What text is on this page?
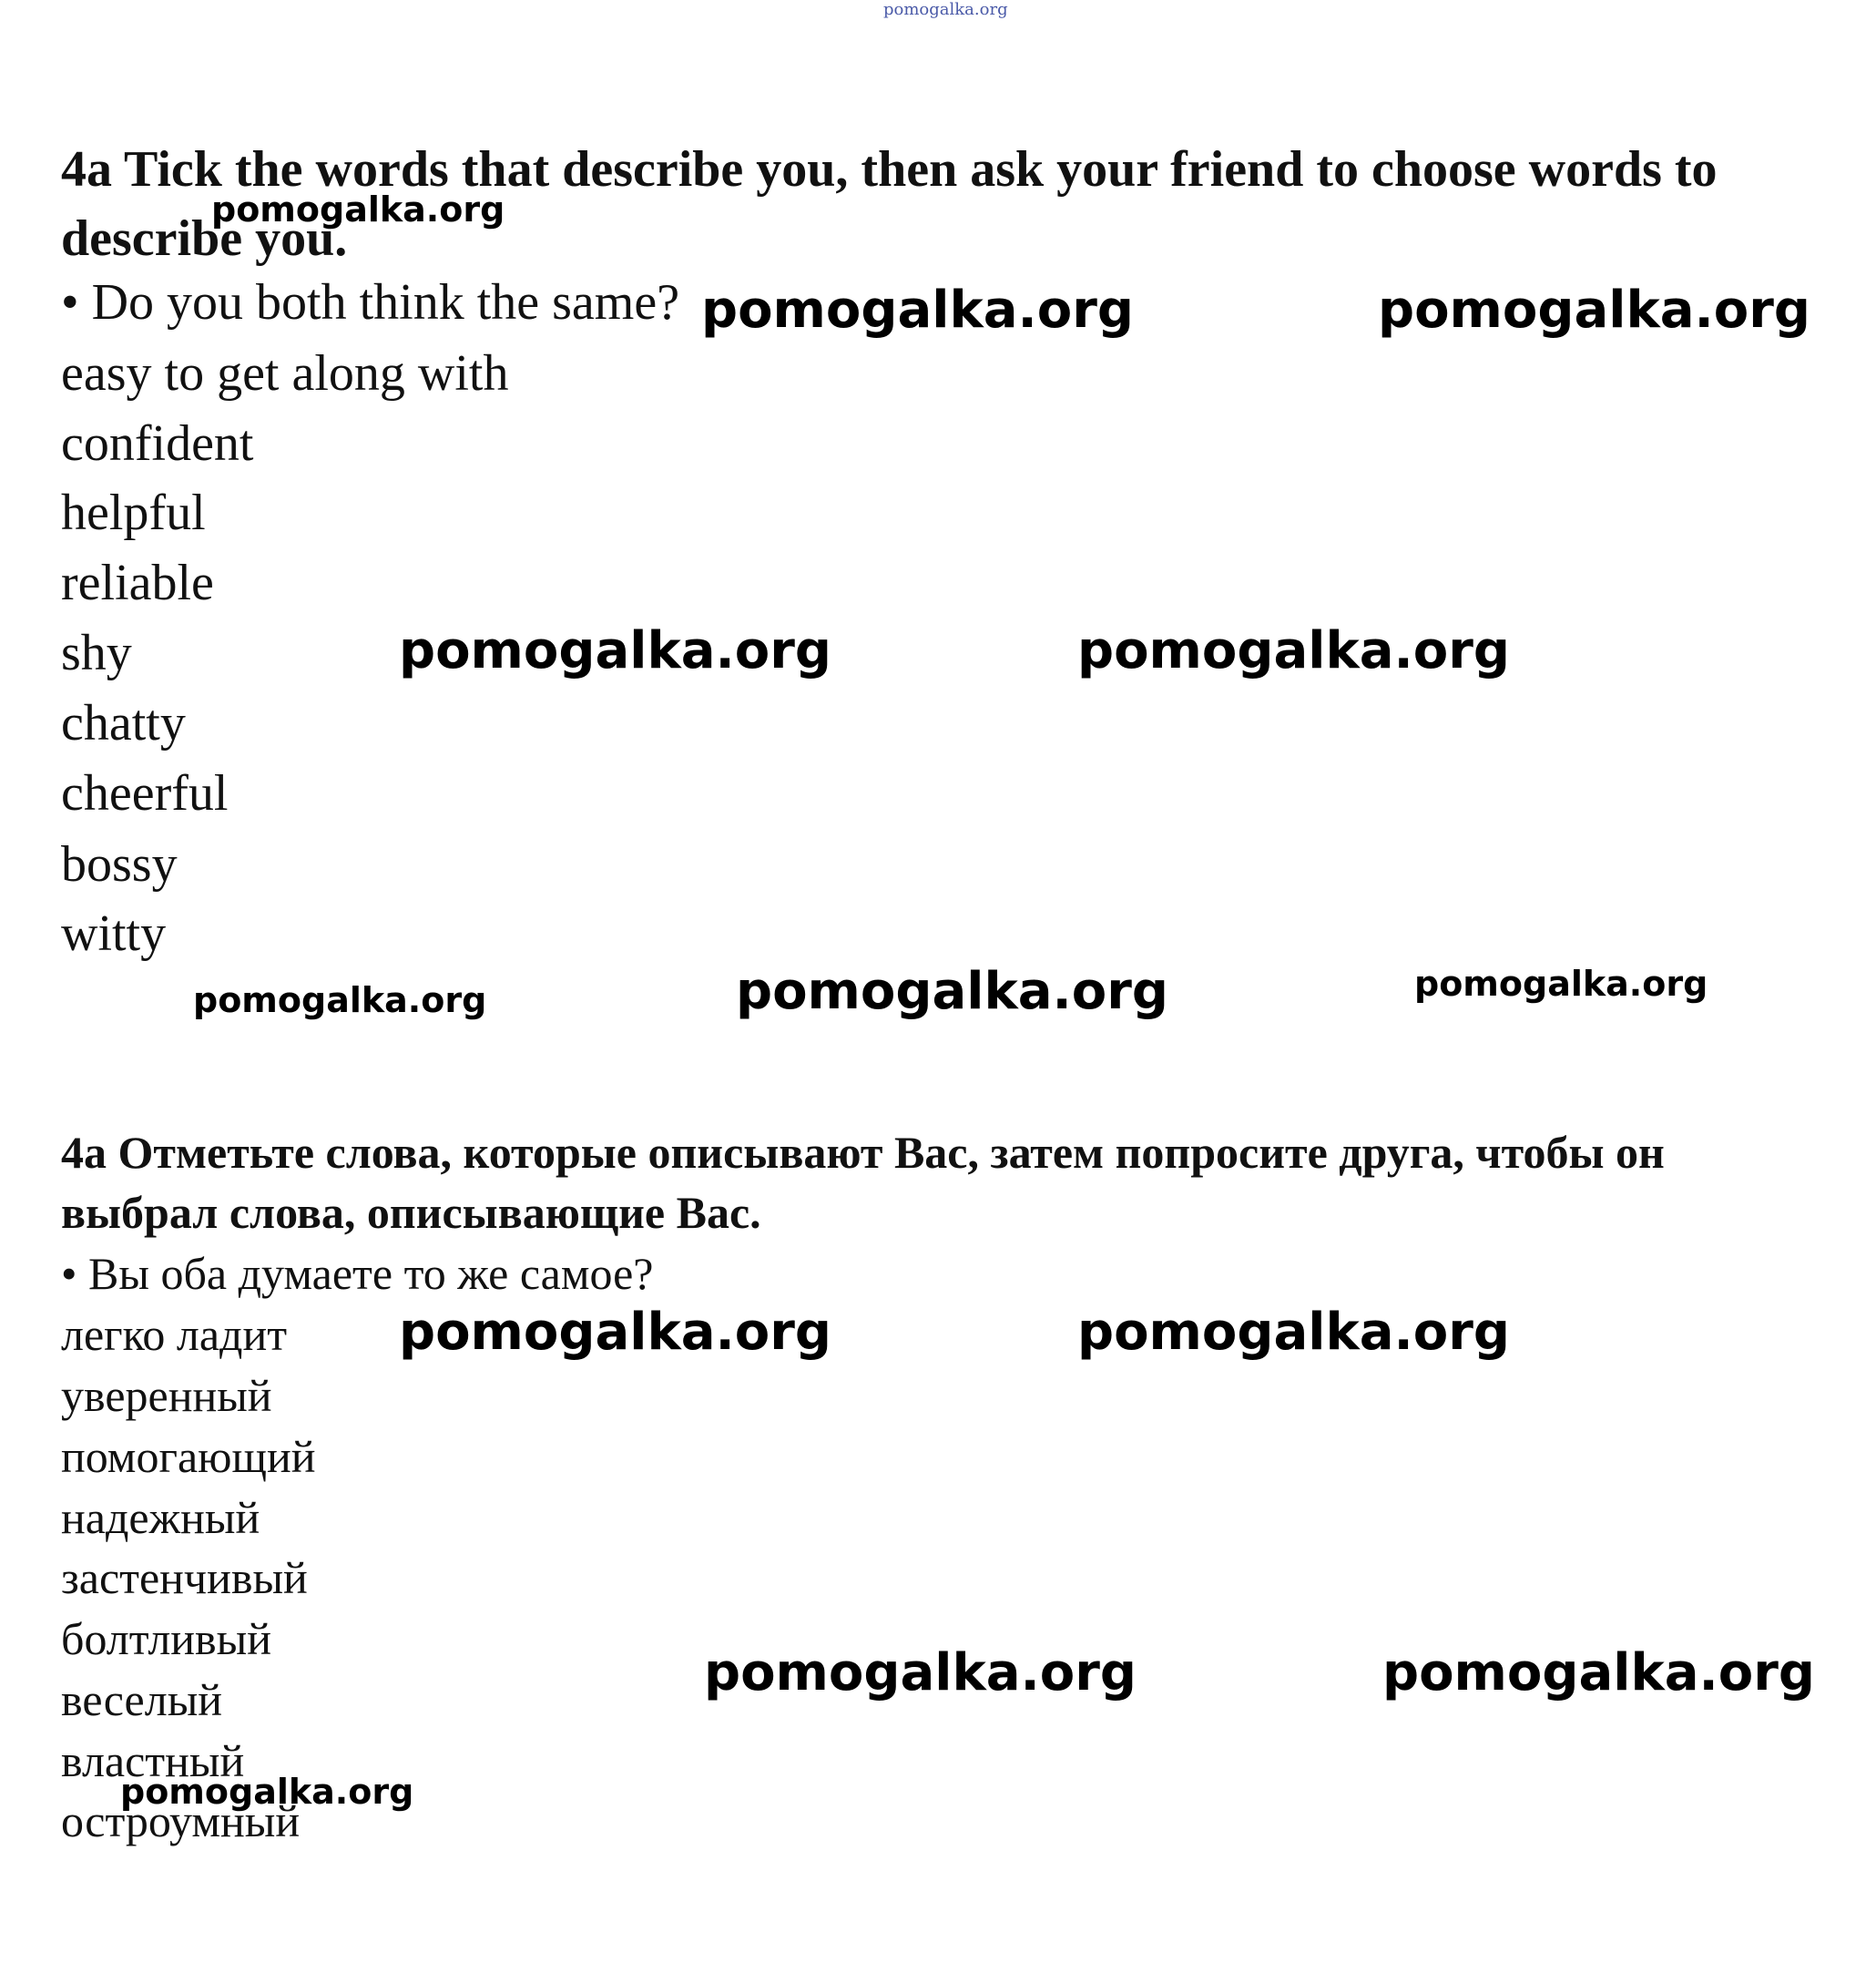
pomogalka.org

4a Tick the words that describe you, then ask your friend to choose words to describe you.

• Do you both think the same?

easy to get along with

confident

helpful

reliable

shy

chatty

cheerful

bossy

witty

4a Отметьте слова, которые описывают Вас, затем попросите друга, чтобы он выбрал слова, описывающие Вас.

• Вы оба думаете то же самое?

легко ладит

уверенный

помогающий

надежный

застенчивый

болтливый

веселый

властный

остроумный

pomogalka.org
pomogalka.org	pomogalka.org
pomogalka.org	pomogalka.org
pomogalka.org	pomogalka.org	pomogalka.org
pomogalka.org	pomogalka.org
pomogalka.org	pomogalka.org
pomogalka.org
